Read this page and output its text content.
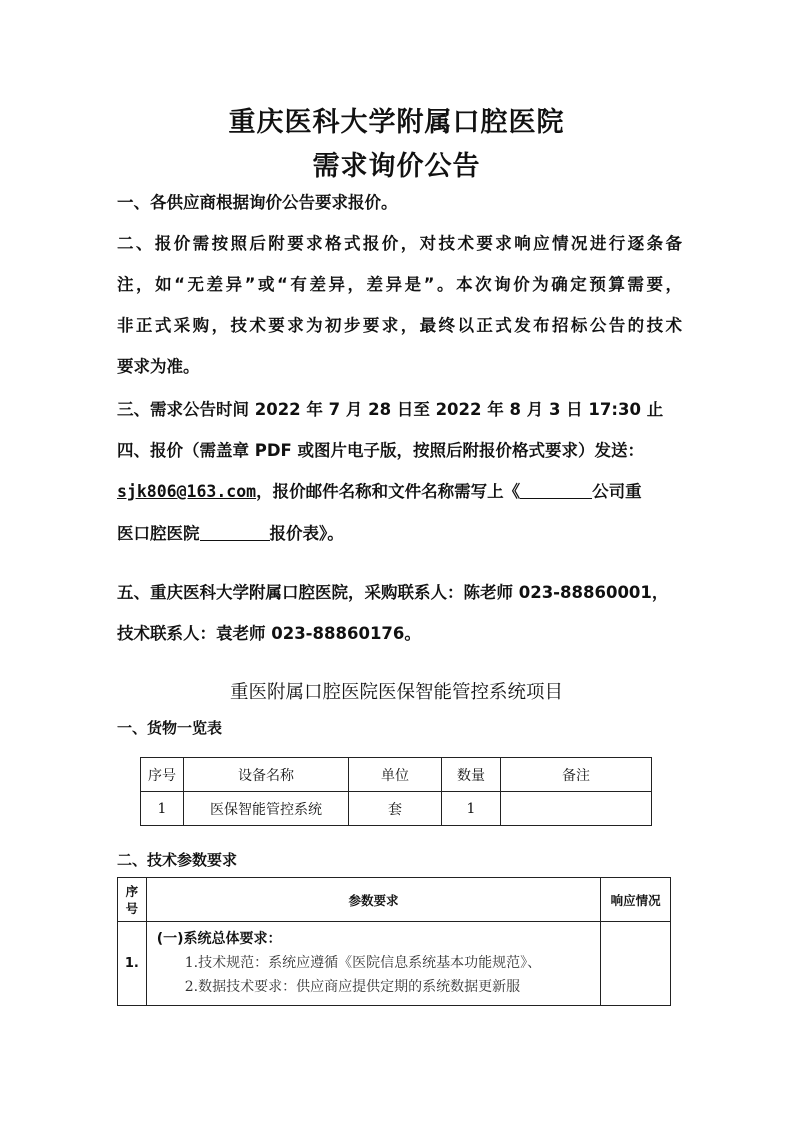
重庆医科大学附属口腔医院
需求询价公告
一、各供应商根据询价公告要求报价。
二、报价需按照后附要求格式报价，对技术要求响应情况进行逐条备
注，如“无差异”或“有差异，差异是”。本次询价为确定预算需要，
非正式采购，技术要求为初步要求，最终以正式发布招标公告的技术
要求为准。
三、需求公告时间 2022 年 7 月 28 日至 2022 年 8 月 3 日 17:30 止
四、报价（需盖章 PDF 或图片电子版，按照后附报价格式要求）发送：
sjk806@163.com，报价邮件名称和文件名称需写上《	公司重
医口腔医院	报价表》。
五、重庆医科大学附属口腔医院，采购联系人：陈老师 023-88860001，
技术联系人：袁老师 023-88860176。
重医附属口腔医院医保智能管控系统项目
一、货物一览表
序号	设备名称	单位	数量	备注
1	医保智能管控系统	套	1	
二、技术参数要求
序
号	参数要求	响应情况
1.	(一)系统总体要求：
1.技术规范：系统应遵循《医院信息系统基本功能规范》、
2.数据技术要求：供应商应提供定期的系统数据更新服	
